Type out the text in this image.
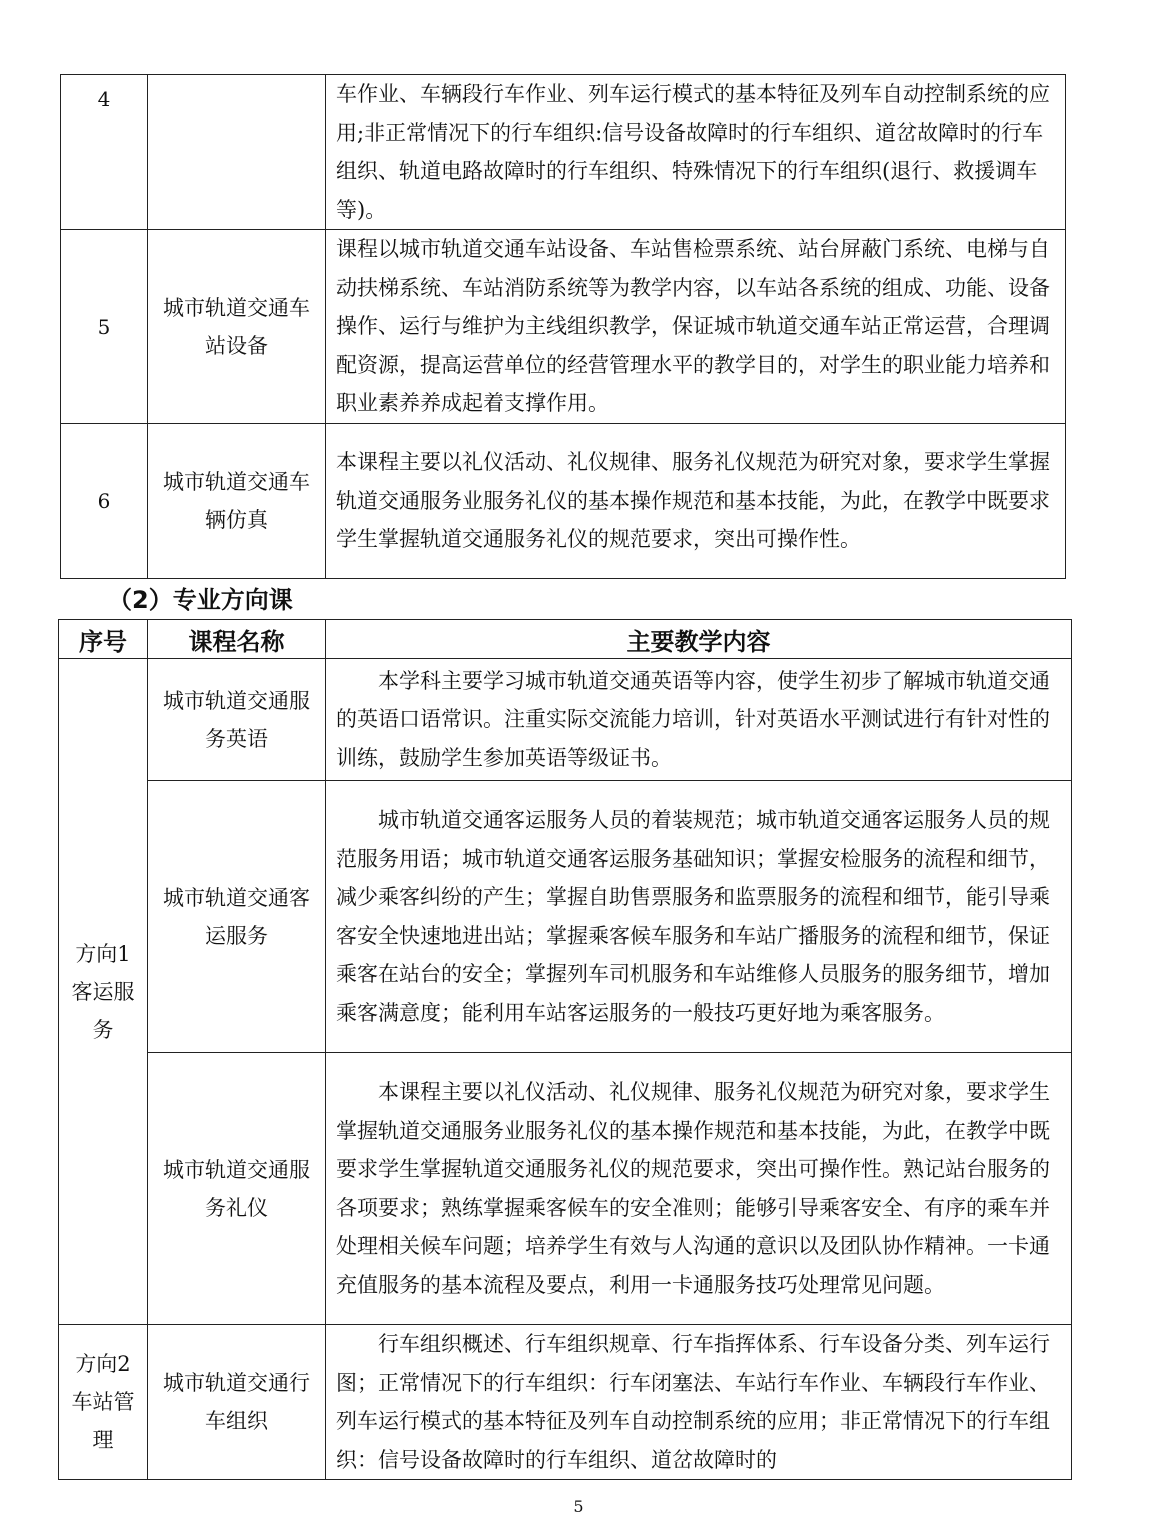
4		车作业、车辆段行车作业、列车运行模式的基本特征及列车自动控制系统的应用;非正常情况下的行车组织:信号设备故障时的行车组织、道岔故障时的行车组织、轨道电路故障时的行车组织、特殊情况下的行车组织(退行、救援调车等)。
5	城市轨道交通车站设备	课程以城市轨道交通车站设备、车站售检票系统、站台屏蔽门系统、电梯与自动扶梯系统、车站消防系统等为教学内容，以车站各系统的组成、功能、设备操作、运行与维护为主线组织教学，保证城市轨道交通车站正常运营，合理调配资源，提高运营单位的经营管理水平的教学目的，对学生的职业能力培养和职业素养养成起着支撑作用。
6	城市轨道交通车辆仿真	本课程主要以礼仪活动、礼仪规律、服务礼仪规范为研究对象，要求学生掌握轨道交通服务业服务礼仪的基本操作规范和基本技能，为此，在教学中既要求学生掌握轨道交通服务礼仪的规范要求，突出可操作性。
（2）专业方向课
序号	课程名称	主要教学内容

方向1客运服务	城市轨道交通服务英语	本学科主要学习城市轨道交通英语等内容，使学生初步了解城市轨道交通的英语口语常识。注重实际交流能力培训，针对英语水平测试进行有针对性的训练，鼓励学生参加英语等级证书。

	城市轨道交通客运服务	城市轨道交通客运服务人员的着装规范；城市轨道交通客运服务人员的规范服务用语；城市轨道交通客运服务基础知识；掌握安检服务的流程和细节，减少乘客纠纷的产生；掌握自助售票服务和监票服务的流程和细节，能引导乘客安全快速地进出站；掌握乘客候车服务和车站广播服务的流程和细节，保证乘客在站台的安全；掌握列车司机服务和车站维修人员服务的服务细节，增加乘客满意度；能利用车站客运服务的一般技巧更好地为乘客服务。

	城市轨道交通服务礼仪	本课程主要以礼仪活动、礼仪规律、服务礼仪规范为研究对象，要求学生掌握轨道交通服务业服务礼仪的基本操作规范和基本技能，为此，在教学中既要求学生掌握轨道交通服务礼仪的规范要求，突出可操作性。熟记站台服务的各项要求；熟练掌握乘客候车的安全准则；能够引导乘客安全、有序的乘车并处理相关候车问题；培养学生有效与人沟通的意识以及团队协作精神。一卡通充值服务的基本流程及要点，利用一卡通服务技巧处理常见问题。

方向2车站管理	城市轨道交通行车组织	行车组织概述、行车组织规章、行车指挥体系、行车设备分类、列车运行图；正常情况下的行车组织：行车闭塞法、车站行车作业、车辆段行车作业、列车运行模式的基本特征及列车自动控制系统的应用；非正常情况下的行车组织：信号设备故障时的行车组织、道岔故障时的
5
